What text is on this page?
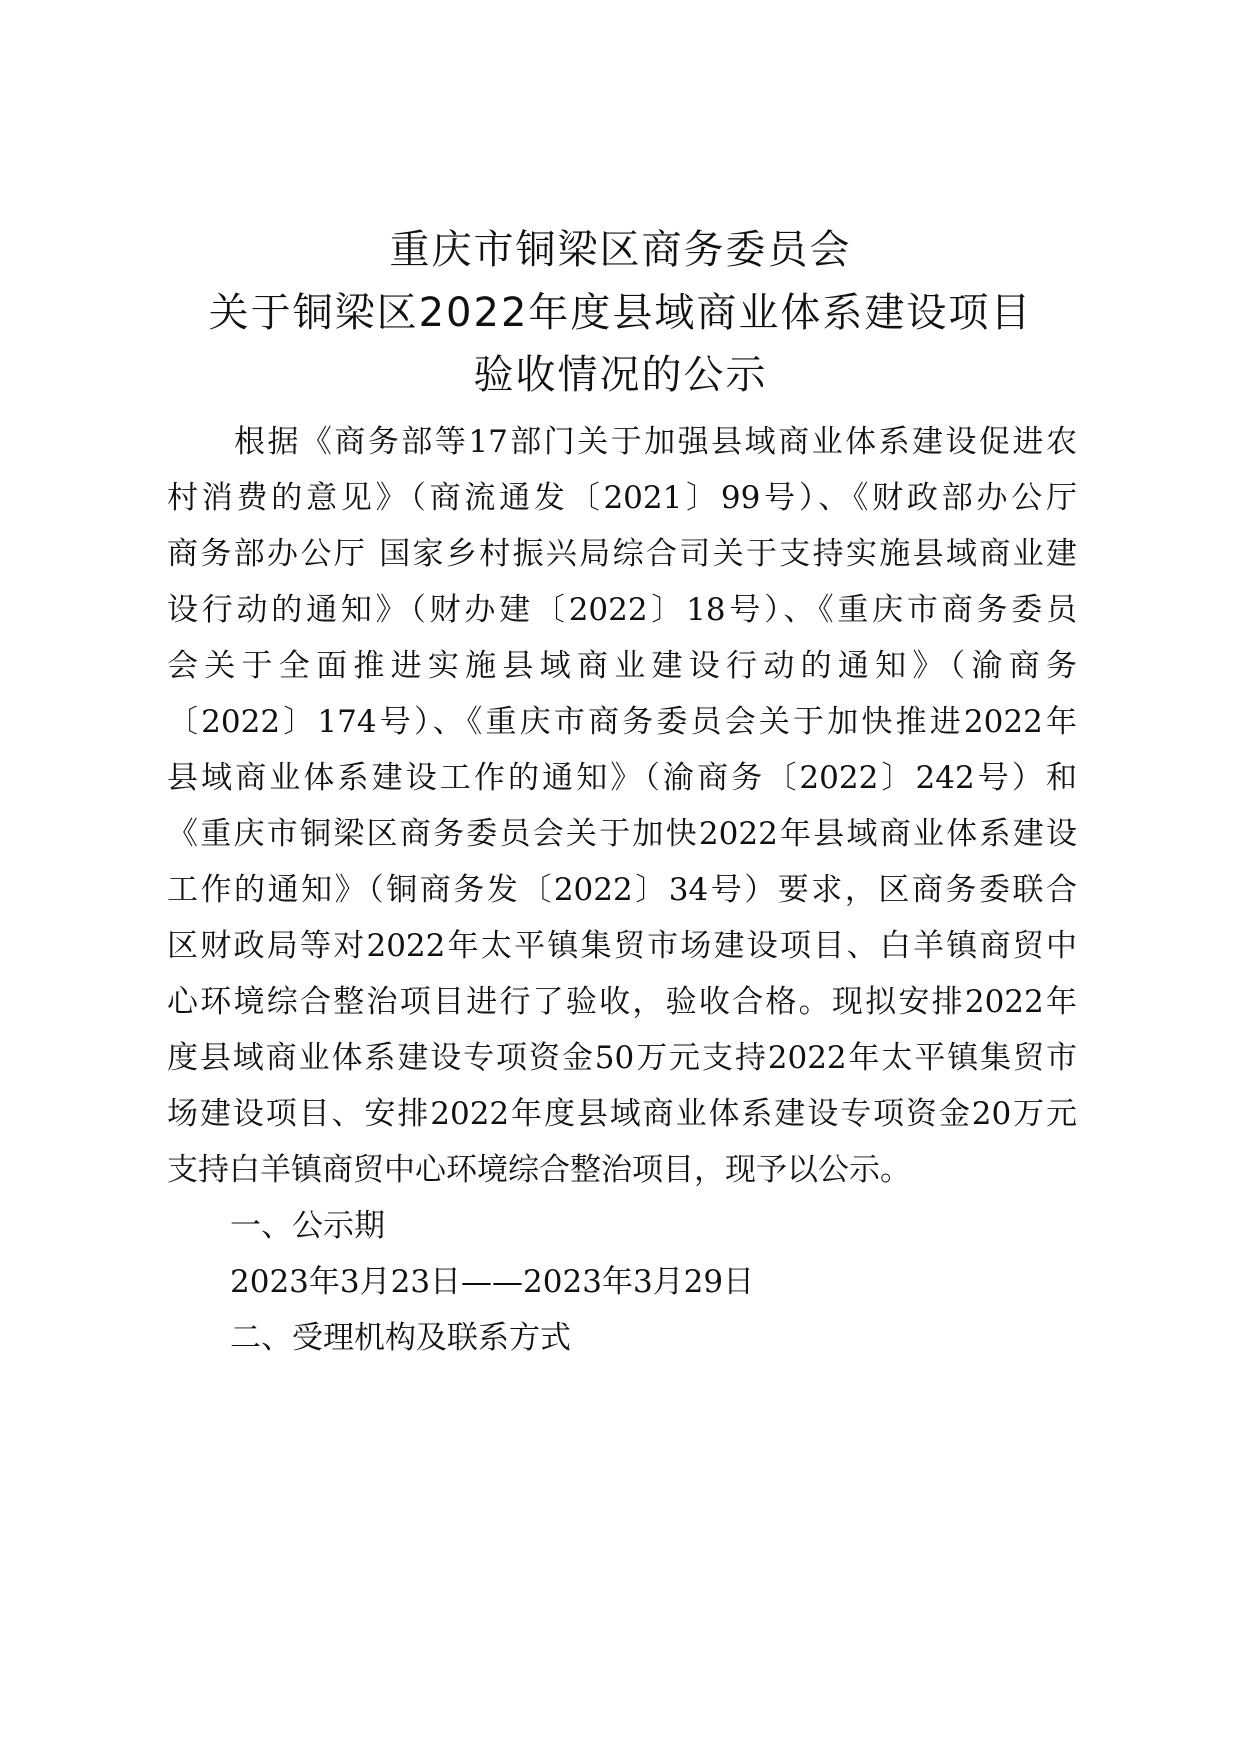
重庆市铜梁区商务委员会
关于铜梁区2022年度县域商业体系建设项目
验收情况的公示
　　根据《商务部等17部门关于加强县域商业体系建设促进农
村消费的意见》（商流通发〔2021〕99号）、《财政部办公厅
商务部办公厅 国家乡村振兴局综合司关于支持实施县域商业建
设行动的通知》（财办建〔2022〕18号）、《重庆市商务委员
会关于全面推进实施县域商业建设行动的通知》（渝商务
〔2022〕174号）、《重庆市商务委员会关于加快推进2022年
县域商业体系建设工作的通知》（渝商务〔2022〕242号）和
《重庆市铜梁区商务委员会关于加快2022年县域商业体系建设
工作的通知》（铜商务发〔2022〕34号）要求，区商务委联合
区财政局等对2022年太平镇集贸市场建设项目、白羊镇商贸中
心环境综合整治项目进行了验收，验收合格。现拟安排2022年
度县域商业体系建设专项资金50万元支持2022年太平镇集贸市
场建设项目、安排2022年度县域商业体系建设专项资金20万元
支持白羊镇商贸中心环境综合整治项目，现予以公示。
一、公示期
2023年3月23日——2023年3月29日
二、受理机构及联系方式
